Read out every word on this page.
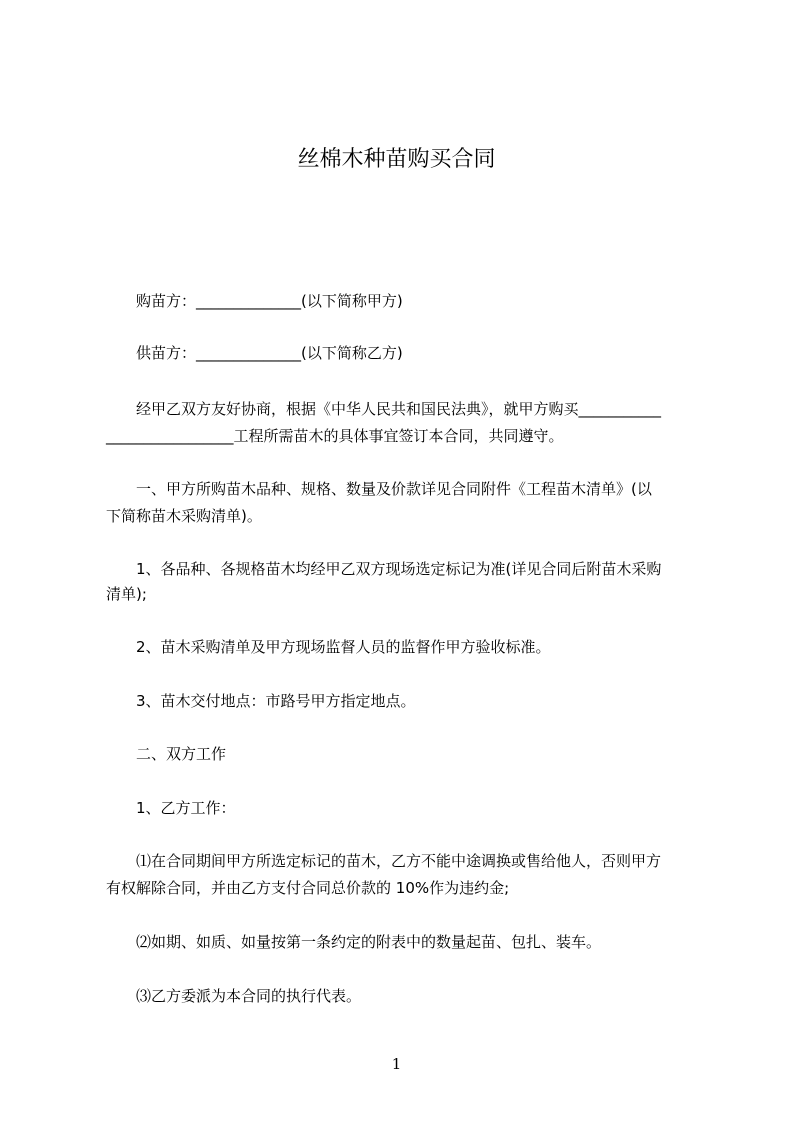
丝棉木种苗购买合同
购苗方：______________(以下简称甲方)
供苗方：______________(以下简称乙方)
经甲乙双方友好协商，根据《中华人民共和国民法典》，就甲方购买___________
_________________工程所需苗木的具体事宜签订本合同，共同遵守。
一、甲方所购苗木品种、规格、数量及价款详见合同附件《工程苗木清单》(以
下简称苗木采购清单)。
1、各品种、各规格苗木均经甲乙双方现场选定标记为准(详见合同后附苗木采购
清单);
2、苗木采购清单及甲方现场监督人员的监督作甲方验收标准。
3、苗木交付地点：市路号甲方指定地点。
二、双方工作
1、乙方工作：
⑴在合同期间甲方所选定标记的苗木，乙方不能中途调换或售给他人，否则甲方
有权解除合同，并由乙方支付合同总价款的 10%作为违约金;
⑵如期、如质、如量按第一条约定的附表中的数量起苗、包扎、装车。
⑶乙方委派为本合同的执行代表。
1
